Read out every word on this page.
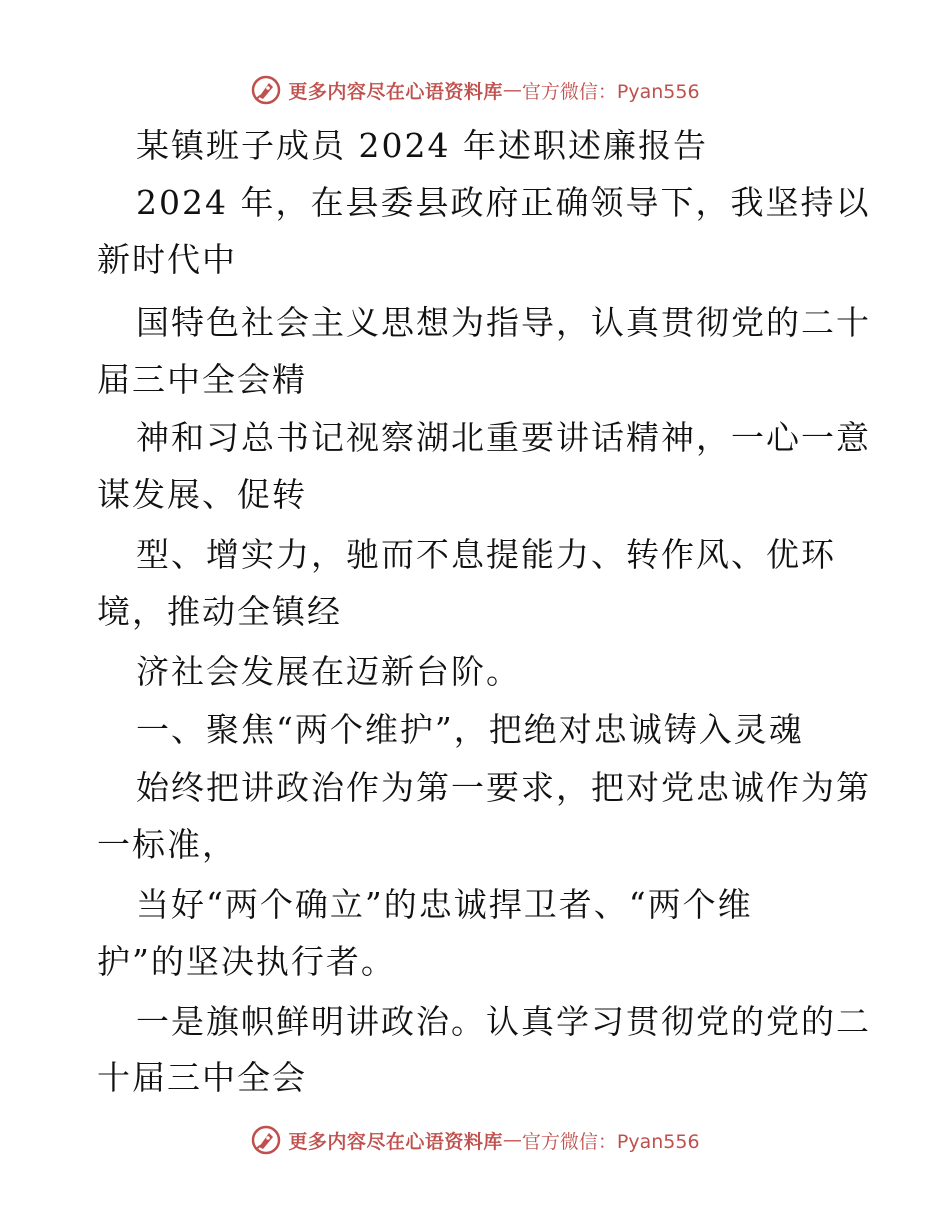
更多内容尽在心语资料库 — 官方微信：Pyan556
某镇班子成员 2024 年述职述廉报告
2024 年，在县委县政府正确领导下，我坚持以
新时代中
国特色社会主义思想为指导，认真贯彻党的二十
届三中全会精
神和习总书记视察湖北重要讲话精神，一心一意
谋发展、促转
型、增实力，驰而不息提能力、转作风、优环
境，推动全镇经
济社会发展在迈新台阶。
一、聚焦“两个维护”，把绝对忠诚铸入灵魂
始终把讲政治作为第一要求，把对党忠诚作为第
一标准，
当好“两个确立”的忠诚捍卫者、“两个维
护”的坚决执行者。
一是旗帜鲜明讲政治。认真学习贯彻党的党的二
十届三中全会
更多内容尽在心语资料库 — 官方微信：Pyan556
